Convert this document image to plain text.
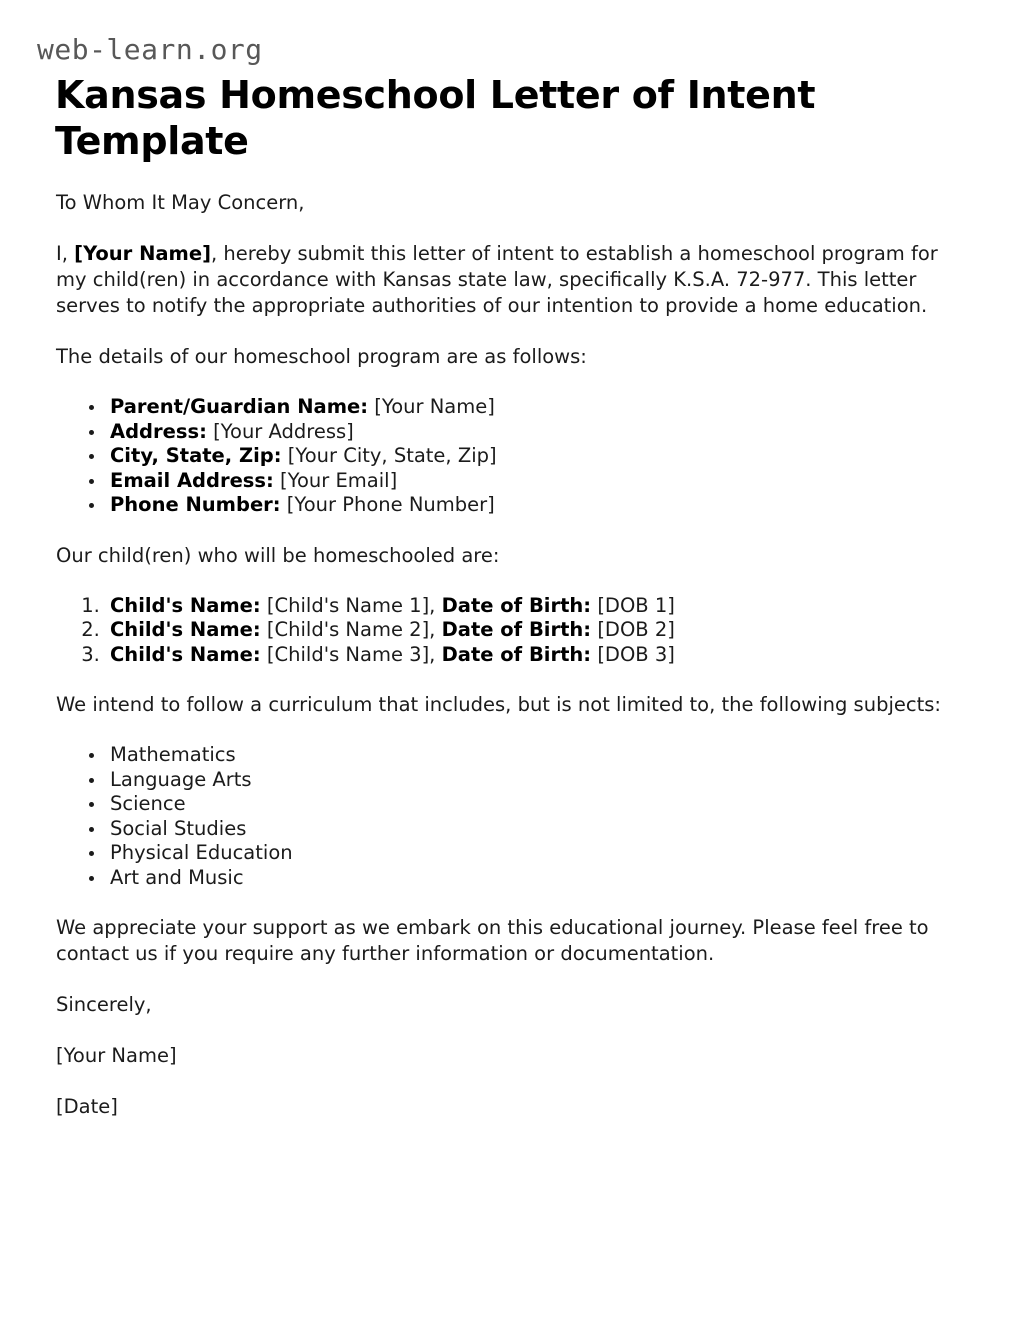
web-learn.org
Kansas Homeschool Letter of Intent Template

To Whom It May Concern,

I, [Your Name], hereby submit this letter of intent to establish a homeschool program for my child(ren) in accordance with Kansas state law, specifically K.S.A. 72-977. This letter serves to notify the appropriate authorities of our intention to provide a home education.

The details of our homeschool program are as follows:

• Parent/Guardian Name: [Your Name]
• Address: [Your Address]
• City, State, Zip: [Your City, State, Zip]
• Email Address: [Your Email]
• Phone Number: [Your Phone Number]

Our child(ren) who will be homeschooled are:

1. Child's Name: [Child's Name 1], Date of Birth: [DOB 1]
2. Child's Name: [Child's Name 2], Date of Birth: [DOB 2]
3. Child's Name: [Child's Name 3], Date of Birth: [DOB 3]

We intend to follow a curriculum that includes, but is not limited to, the following subjects:

• Mathematics
• Language Arts
• Science
• Social Studies
• Physical Education
• Art and Music

We appreciate your support as we embark on this educational journey. Please feel free to contact us if you require any further information or documentation.

Sincerely,

[Your Name]

[Date]
